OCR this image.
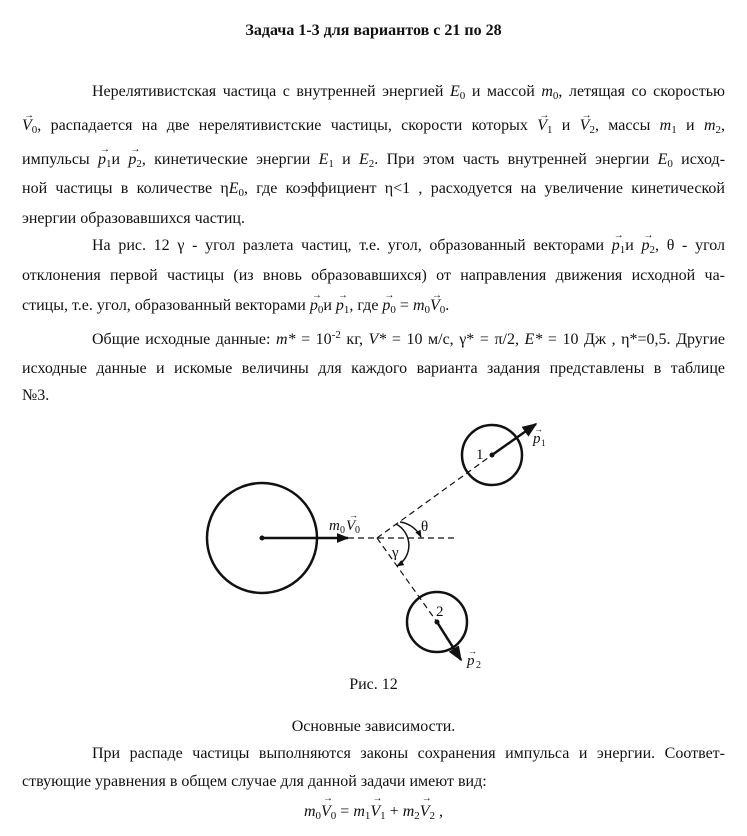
Задача 1-3 для вариантов с 21 по 28
Нерелятивистская частица с внутренней энергией $E_0$ и массой $m_0$, летящая со скоростью
→ $V_0$, распадается на две нерелятивистские частицы, скорости которых → $V_1$ $и \to V_2$, массы $m_1$ и $m_2$,
импульсы → $p_1и \to p_2$, кинетические энергии $E_1$ и $E_2$. При этом часть внутренней энергии $E_0$ исход-
ной частицы в количестве $\eta E_0$, где коэффициент η<1 , расходуется на увеличение кинетической
энергии образовавшихся частиц.
На рис. 12 γ - угол разлета частиц, т.е. угол, образованный векторами → $p_1и \to p_2$, θ - угол
отклонения первой частицы (из вновь образовавшихся) от направления движения исходной ча-
стицы, т.е. угол, образованный векторами → $p_0и \to p_1$, где → $p_0 = m_0\to V_0$.
Общие исходные данные: $m* = 10^{-2}$ кг, V* = 10 м/с, γ* = π/2, E* = 10 Дж , η*=0,5. Другие
исходные данные и искомые величины для каждого варианта задания представлены в таблице
№3.
1
2
θ
γ
m 0 V 0
→
p 1
→
p 2
→
Рис. 12
Основные зависимости.
При распаде частицы выполняются законы сохранения импульса и энергии. Соответ-
ствующие уравнения в общем случае для данной задачи имеют вид:
$m_0\to V_0 = m_1\to V_1 + m_2\to V_2$ ,
